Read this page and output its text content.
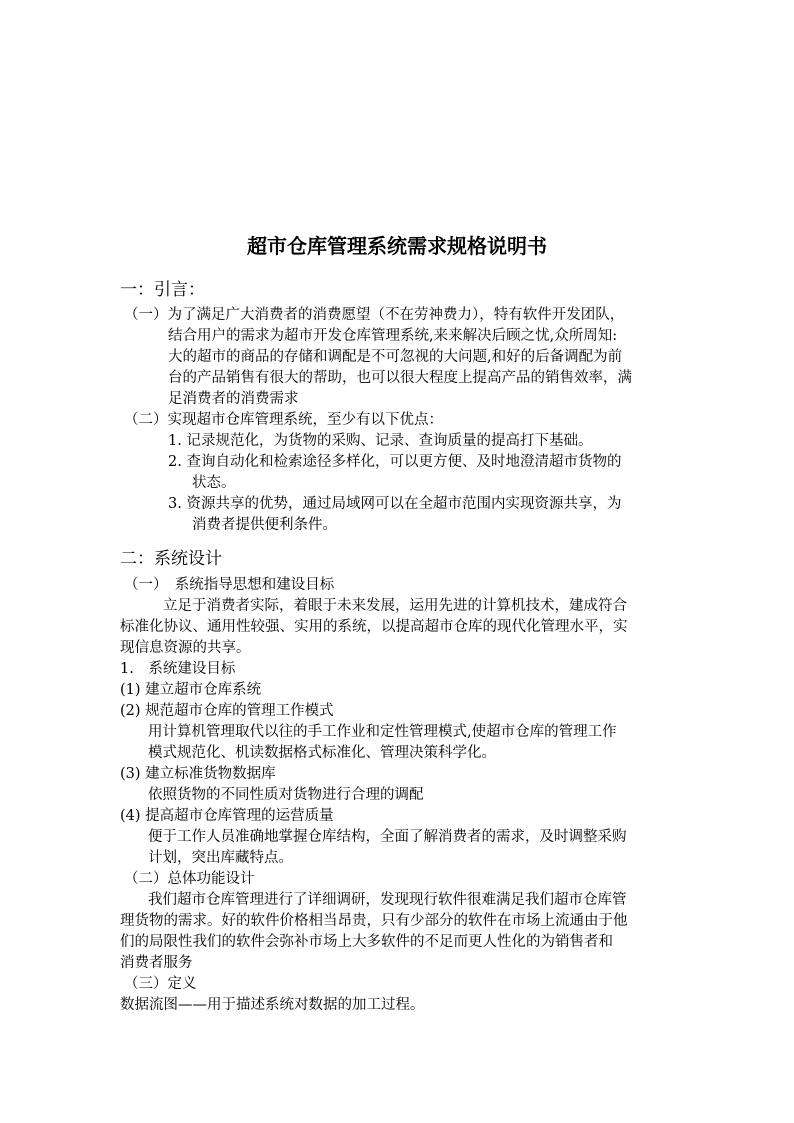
超市仓库管理系统需求规格说明书
一：引言：
（一）为了满足广大消费者的消费愿望（不在劳神费力），特有软件开发团队，
结合用户的需求为超市开发仓库管理系统,来来解决后顾之忧,众所周知:
大的超市的商品的存储和调配是不可忽视的大问题,和好的后备调配为前
台的产品销售有很大的帮助，也可以很大程度上提高产品的销售效率，满
足消费者的消费需求
（二）实现超市仓库管理系统，至少有以下优点：
1. 记录规范化，为货物的采购、记录、查询质量的提高打下基础。
2. 查询自动化和检索途径多样化，可以更方便、及时地澄清超市货物的
状态。
3. 资源共享的优势，通过局域网可以在全超市范围内实现资源共享，为
消费者提供便利条件。
二：系统设计
（一）　系统指导思想和建设目标
立足于消费者实际，着眼于未来发展，运用先进的计算机技术，建成符合
标准化协议、通用性较强、实用的系统，以提高超市仓库的现代化管理水平，实
现信息资源的共享。
1.　系统建设目标
(1) 建立超市仓库系统
(2) 规范超市仓库的管理工作模式
用计算机管理取代以往的手工作业和定性管理模式,使超市仓库的管理工作
模式规范化、机读数据格式标准化、管理决策科学化。
(3) 建立标准货物数据库
依照货物的不同性质对货物进行合理的调配
(4) 提高超市仓库管理的运营质量
便于工作人员准确地掌握仓库结构，全面了解消费者的需求，及时调整采购
计划，突出库藏特点。
（二）总体功能设计
我们超市仓库管理进行了详细调研，发现现行软件很难满足我们超市仓库管
理货物的需求。好的软件价格相当昂贵，只有少部分的软件在市场上流通由于他
们的局限性我们的软件会弥补市场上大多软件的不足而更人性化的为销售者和
消费者服务
（三）定义
数据流图——用于描述系统对数据的加工过程。
